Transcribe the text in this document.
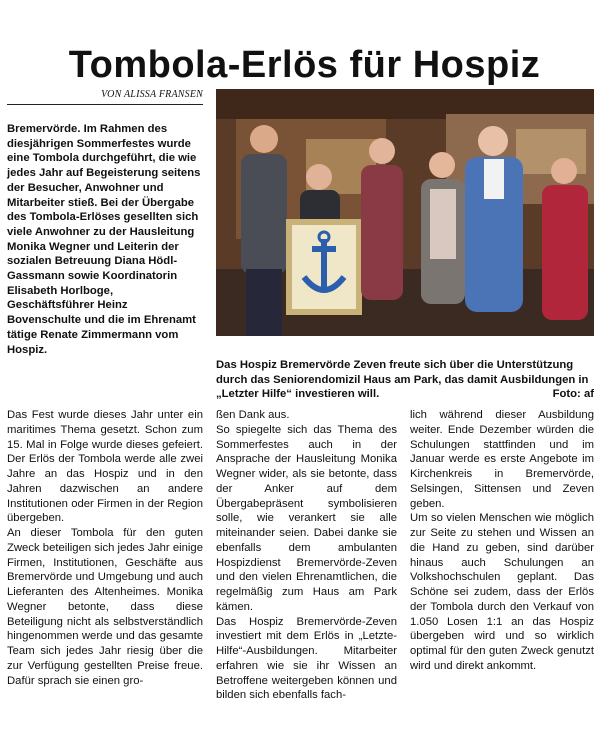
Tombola-Erlös für Hospiz
VON ALISSA FRANSEN

Bremervörde. Im Rahmen des diesjährigen Sommerfestes wurde eine Tombola durchgeführt, die wie jedes Jahr auf Begeisterung seitens der Besucher, Anwohner und Mitarbeiter stieß. Bei der Übergabe des Tombola-Erlöses gesellten sich viele Anwohner zu der Hausleitung Monika Wegner und Leiterin der sozialen Betreuung Diana Hödl-Gassmann sowie Koordinatorin Elisabeth Horlboge, Geschäftsführer Heinz Bovenschulte und die im Ehrenamt tätige Renate Zimmermann vom Hospiz.

Das Hospiz Bremervörde Zeven freute sich über die Unterstützung durch das Seniorendomizil Haus am Park, das damit Ausbildungen in „Letzter Hilfe“ investieren will.	Foto: af

Das Fest wurde dieses Jahr unter ein maritimes Thema gesetzt. Schon zum 15. Mal in Folge wurde dieses gefeiert. Der Erlös der Tombola werde alle zwei Jahre an das Hospiz und in den Jahren dazwischen an andere Institutionen oder Firmen in der Region übergeben.

An dieser Tombola für den guten Zweck beteiligen sich jedes Jahr einige Firmen, Institutionen, Geschäfte aus Bremervörde und Umgebung und auch Lieferanten des Altenheimes. Monika Wegner betonte, dass diese Beteiligung nicht als selbstverständlich hingenommen werde und das gesamte Team sich jedes Jahr riesig über die zur Verfügung gestellten Preise freue. Dafür sprach sie einen gro-

ßen Dank aus.

So spiegelte sich das Thema des Sommerfestes auch in der Ansprache der Hausleitung Monika Wegner wider, als sie betonte, dass der Anker auf dem Übergabepräsent symbolisieren solle, wie verankert sie alle miteinander seien. Dabei danke sie ebenfalls dem ambulanten Hospizdienst Bremervörde-Zeven und den vielen Ehrenamtlichen, die regelmäßig zum Haus am Park kämen.

Das Hospiz Bremervörde-Zeven investiert mit dem Erlös in „Letzte-Hilfe“-Ausbildungen. Mitarbeiter erfahren wie sie ihr Wissen an Betroffene weitergeben können und bilden sich ebenfalls fach-

lich während dieser Ausbildung weiter. Ende Dezember würden die Schulungen stattfinden und im Januar werde es erste Angebote im Kirchenkreis in Bremervörde, Selsingen, Sittensen und Zeven geben.

Um so vielen Menschen wie möglich zur Seite zu stehen und Wissen an die Hand zu geben, sind darüber hinaus auch Schulungen an Volkshochschulen geplant. Das Schöne sei zudem, dass der Erlös der Tombola durch den Verkauf von 1.050 Losen 1:1 an das Hospiz übergeben wird und so wirklich optimal für den guten Zweck genutzt wird und direkt ankommt.
